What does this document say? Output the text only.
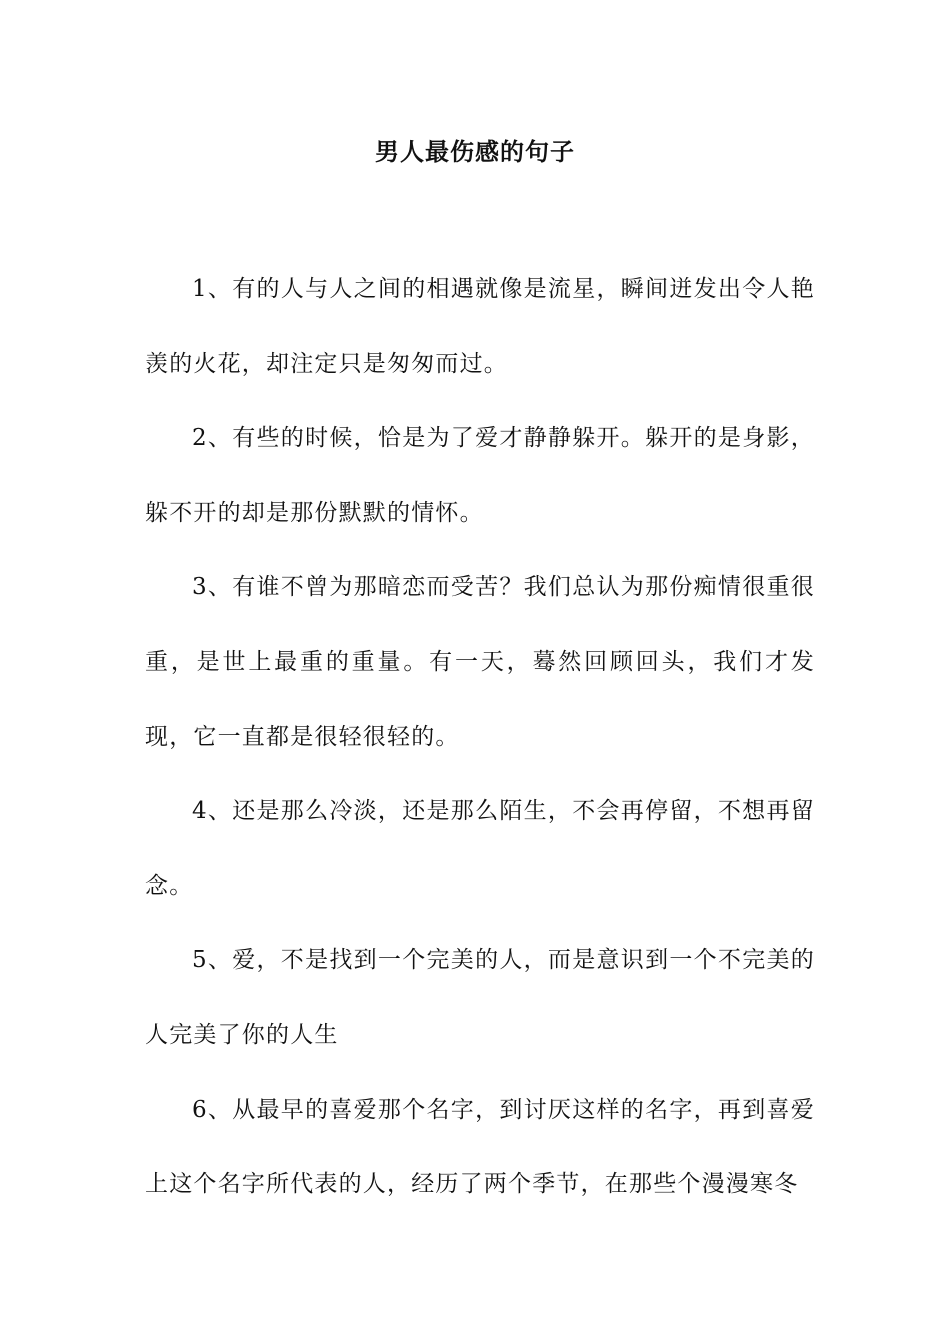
男人最伤感的句子

1、有的人与人之间的相遇就像是流星，瞬间迸发出令人艳羡的火花，却注定只是匆匆而过。

2、有些的时候，恰是为了爱才静静躲开。躲开的是身影，躲不开的却是那份默默的情怀。

3、有谁不曾为那暗恋而受苦？我们总认为那份痴情很重很重，是世上最重的重量。有一天，蓦然回顾回头，我们才发现，它一直都是很轻很轻的。

4、还是那么冷淡，还是那么陌生，不会再停留，不想再留念。

5、爱，不是找到一个完美的人，而是意识到一个不完美的人完美了你的人生

6、从最早的喜爱那个名字，到讨厌这样的名字，再到喜爱上这个名字所代表的人，经历了两个季节，在那些个漫漫寒冬
